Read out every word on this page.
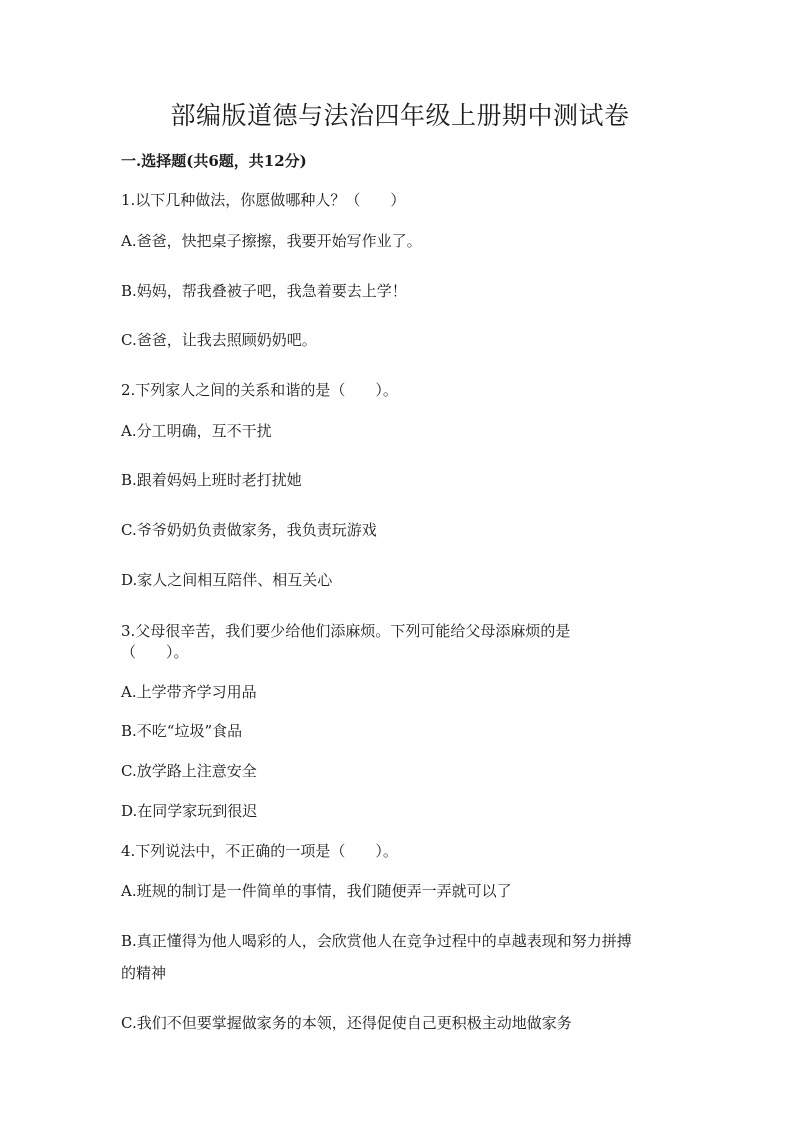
部编版道德与法治四年级上册期中测试卷
一.选择题(共6题，共12分)
1.以下几种做法，你愿做哪种人？（　　）
A.爸爸，快把桌子擦擦，我要开始写作业了。
B.妈妈，帮我叠被子吧，我急着要去上学！
C.爸爸，让我去照顾奶奶吧。
2.下列家人之间的关系和谐的是（　　）。
A.分工明确，互不干扰
B.跟着妈妈上班时老打扰她
C.爷爷奶奶负责做家务，我负责玩游戏
D.家人之间相互陪伴、相互关心
3.父母很辛苦，我们要少给他们添麻烦。下列可能给父母添麻烦的是
（　　）。
A.上学带齐学习用品
B.不吃“垃圾”食品
C.放学路上注意安全
D.在同学家玩到很迟
4.下列说法中，不正确的一项是（　　）。
A.班规的制订是一件简单的事情，我们随便弄一弄就可以了
B.真正懂得为他人喝彩的人，会欣赏他人在竞争过程中的卓越表现和努力拼搏
的精神
C.我们不但要掌握做家务的本领，还得促使自己更积极主动地做家务
